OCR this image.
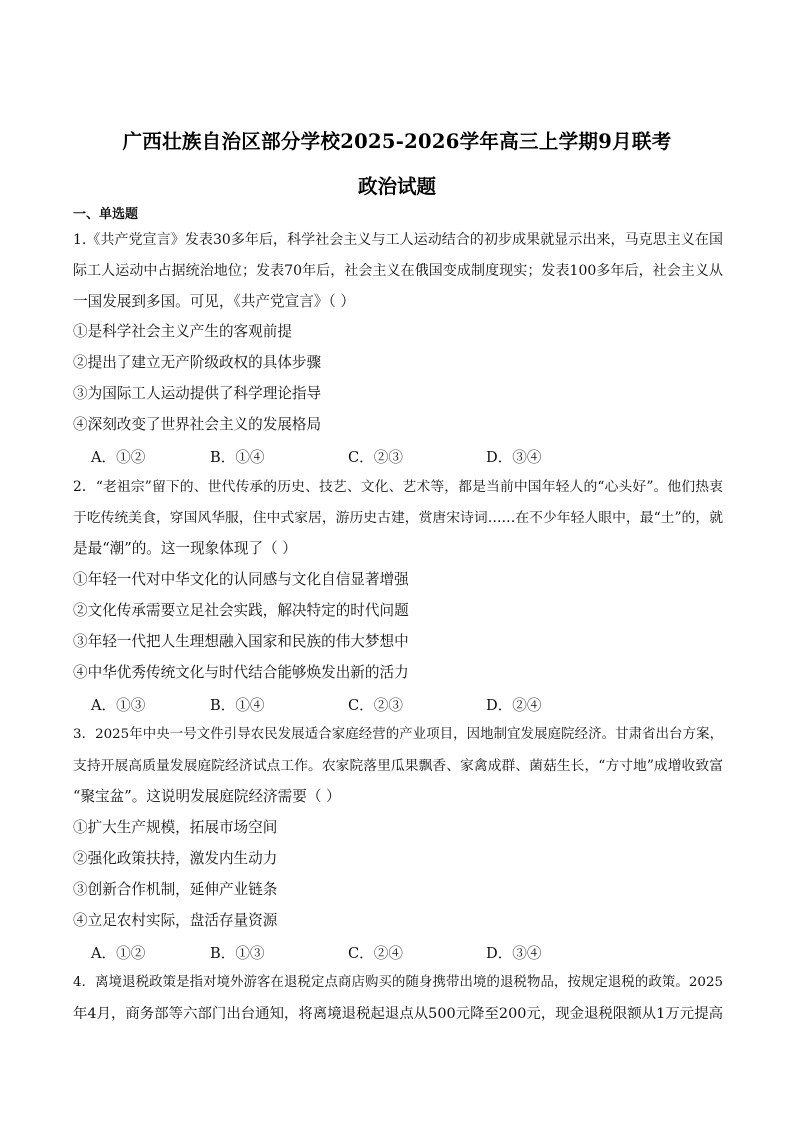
广西壮族自治区部分学校2025-2026学年高三上学期9月联考
政治试题
一、单选题
1.《共产党宣言》发表30多年后，科学社会主义与工人运动结合的初步成果就显示出来，马克思主义在国
际工人运动中占据统治地位；发表70年后，社会主义在俄国变成制度现实；发表100多年后，社会主义从
一国发展到多国。可见，《共产党宣言》（ ）
①是科学社会主义产生的客观前提
②提出了建立无产阶级政权的具体步骤
③为国际工人运动提供了科学理论指导
④深刻改变了世界社会主义的发展格局
A．①②	B．①④	C．②③	D．③④
2．“老祖宗”留下的、世代传承的历史、技艺、文化、艺术等，都是当前中国年轻人的“心头好”。他们热衷
于吃传统美食，穿国风华服，住中式家居，游历史古建，赏唐宋诗词……在不少年轻人眼中，最“土”的，就
是最“潮”的。这一现象体现了（ ）
①年轻一代对中华文化的认同感与文化自信显著增强
②文化传承需要立足社会实践，解决特定的时代问题
③年轻一代把人生理想融入国家和民族的伟大梦想中
④中华优秀传统文化与时代结合能够焕发出新的活力
A．①③	B．①④	C．②③	D．②④
3．2025年中央一号文件引导农民发展适合家庭经营的产业项目，因地制宜发展庭院经济。甘肃省出台方案，
支持开展高质量发展庭院经济试点工作。农家院落里瓜果飘香、家禽成群、菌菇生长，“方寸地”成增收致富
“聚宝盆”。这说明发展庭院经济需要（ ）
①扩大生产规模，拓展市场空间
②强化政策扶持，激发内生动力
③创新合作机制，延伸产业链条
④立足农村实际，盘活存量资源
A．①②	B．①③	C．②④	D．③④
4．离境退税政策是指对境外游客在退税定点商店购买的随身携带出境的退税物品，按规定退税的政策。2025
年4月，商务部等六部门出台通知，将离境退税起退点从500元降至200元，现金退税限额从1万元提高
